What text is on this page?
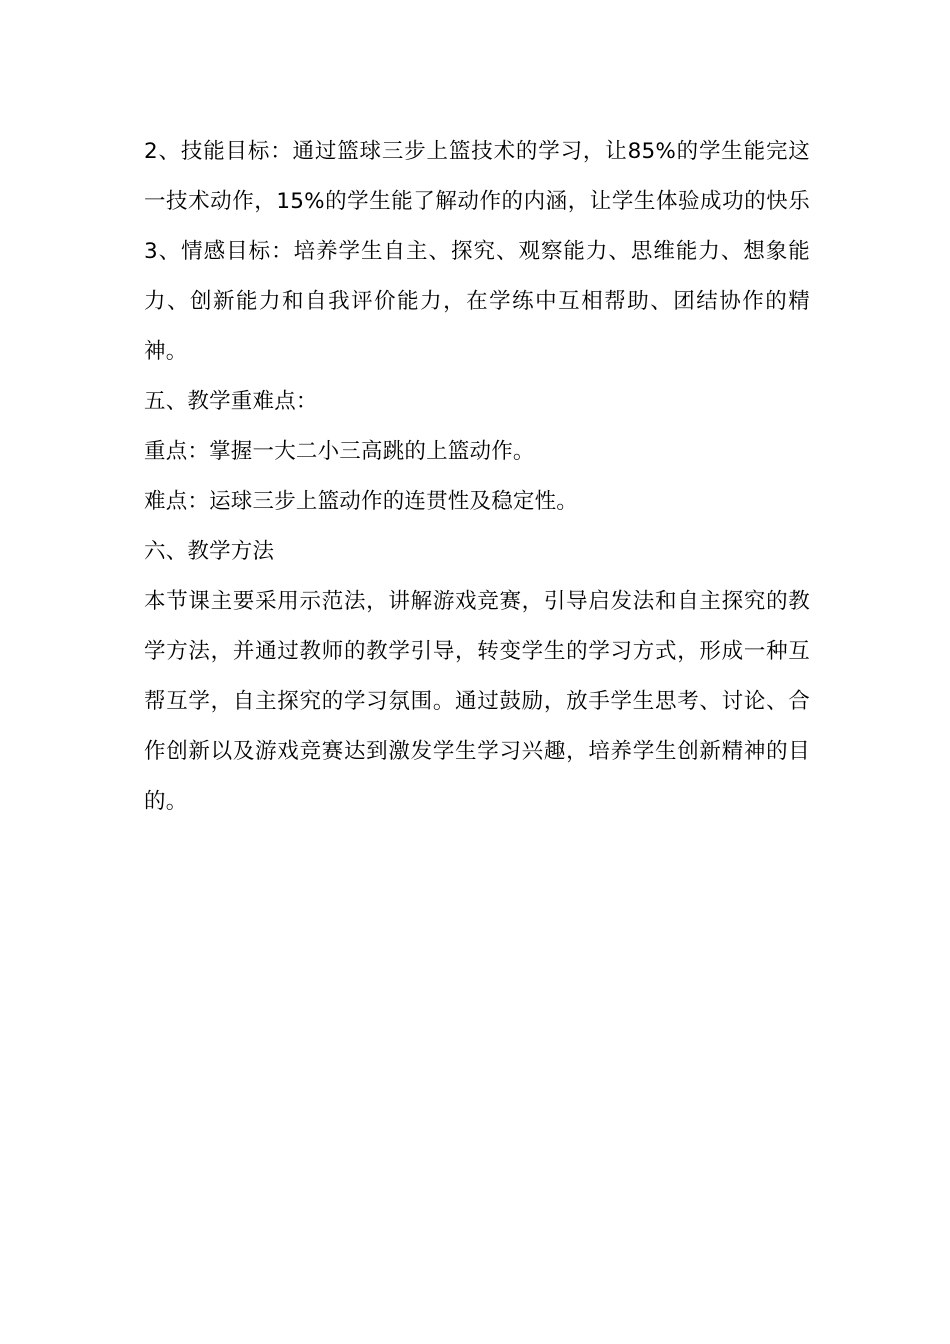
2、技能目标：通过篮球三步上篮技术的学习，让85%的学生能完这一技术动作，15%的学生能了解动作的内涵，让学生体验成功的快乐 3、情感目标：培养学生自主、探究、观察能力、思维能力、想象能力、创新能力和自我评价能力，在学练中互相帮助、团结协作的精神。

五、教学重难点：

重点：掌握一大二小三高跳的上篮动作。

难点：运球三步上篮动作的连贯性及稳定性。

六、教学方法

本节课主要采用示范法，讲解游戏竞赛，引导启发法和自主探究的教学方法，并通过教师的教学引导，转变学生的学习方式，形成一种互帮互学，自主探究的学习氛围。通过鼓励，放手学生思考、讨论、合作创新以及游戏竞赛达到激发学生学习兴趣，培养学生创新精神的目的。
